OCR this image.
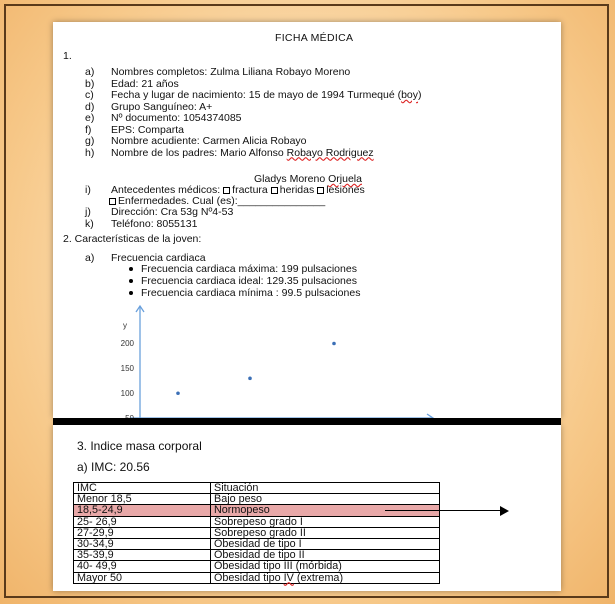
FICHA MÉDICA
1.
a) Nombres completos: Zulma Liliana Robayo Moreno
b) Edad: 21 años
c) Fecha y lugar de nacimiento: 15 de mayo de 1994 Turmequé (boy)
d) Grupo Sanguíneo: A+
e) Nº documento: 1054374085
f) EPS: Comparta
g) Nombre acudiente: Carmen Alicia Robayo
h) Nombre de los padres: Mario Alfonso Robayo Rodriguez
Gladys Moreno Orjuela
i) Antecedentes médicos: fractura heridas lesiones
Enfermedades. Cual (es):_______________
j) Dirección: Cra 53g Nº4-53
k) Teléfono: 8055131
2. Características de la joven:
a) Frecuencia cardiaca
Frecuencia cardiaca máxima: 199 pulsaciones
Frecuencia cardiaca ideal: 129.35 pulsaciones
Frecuencia cardiaca mínima : 99.5 pulsaciones
y
200
150
100
3. Indice masa corporal
a) IMC: 20.56
IMC	Situación
Menor 18,5	Bajo peso
18,5-24,9	Normopeso
25- 26,9	Sobrepeso grado I
27-29,9	Sobrepeso grado II
30-34,9	Obesidad de tipo I
35-39,9	Obesidad de tipo II
40- 49,9	Obesidad tipo III (mórbida)
Mayor 50	Obesidad tipo IV (extrema)
